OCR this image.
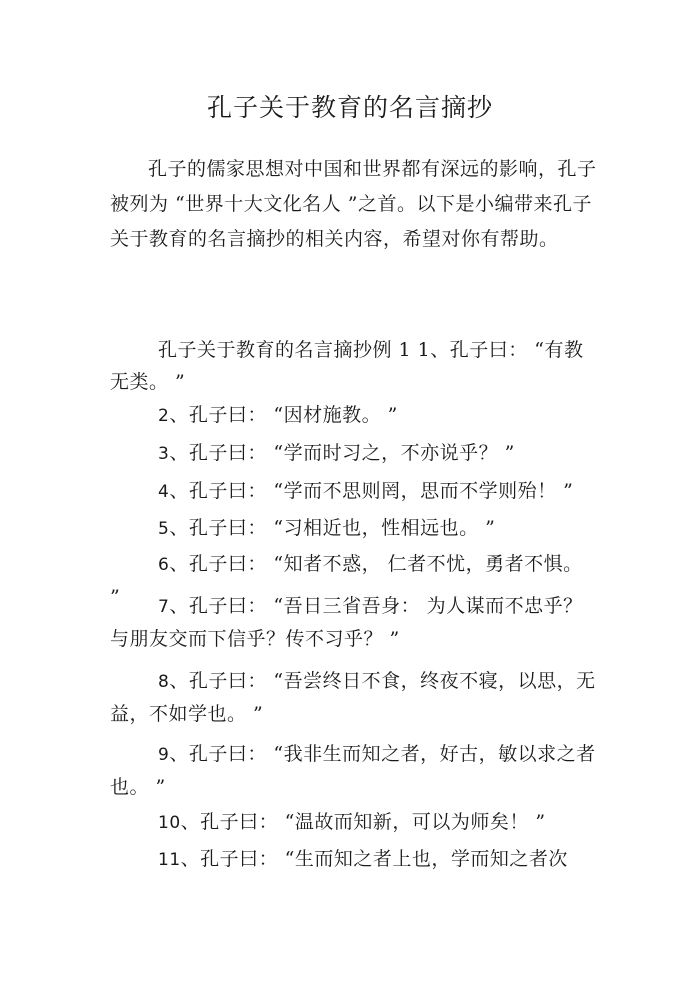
孔子关于教育的名言摘抄
孔子的儒家思想对中国和世界都有深远的影响，孔子被列为 “世界十大文化名人 ”之首。以下是小编带来孔子关于教育的名言摘抄的相关内容，希望对你有帮助。
孔子关于教育的名言摘抄例 1 1、孔子曰： “有教无类。 ”
2、孔子曰： “因材施教。 ”
3、孔子曰： “学而时习之，不亦说乎？ ”
4、孔子曰： “学而不思则罔，思而不学则殆！ ”
5、孔子曰： “习相近也，性相远也。 ”
6、孔子曰： “知者不惑， 仁者不忧，勇者不惧。 ”	7、孔子曰： “吾日三省吾身： 为人谋而不忠乎？与朋友交而下信乎？传不习乎？ ”
8、孔子曰： “吾尝终日不食，终夜不寝，以思，无益，不如学也。 ”
9、孔子曰： “我非生而知之者，好古，敏以求之者也。 ”
10、孔子曰： “温故而知新，可以为师矣！ ”
11、孔子曰： “生而知之者上也，学而知之者次
